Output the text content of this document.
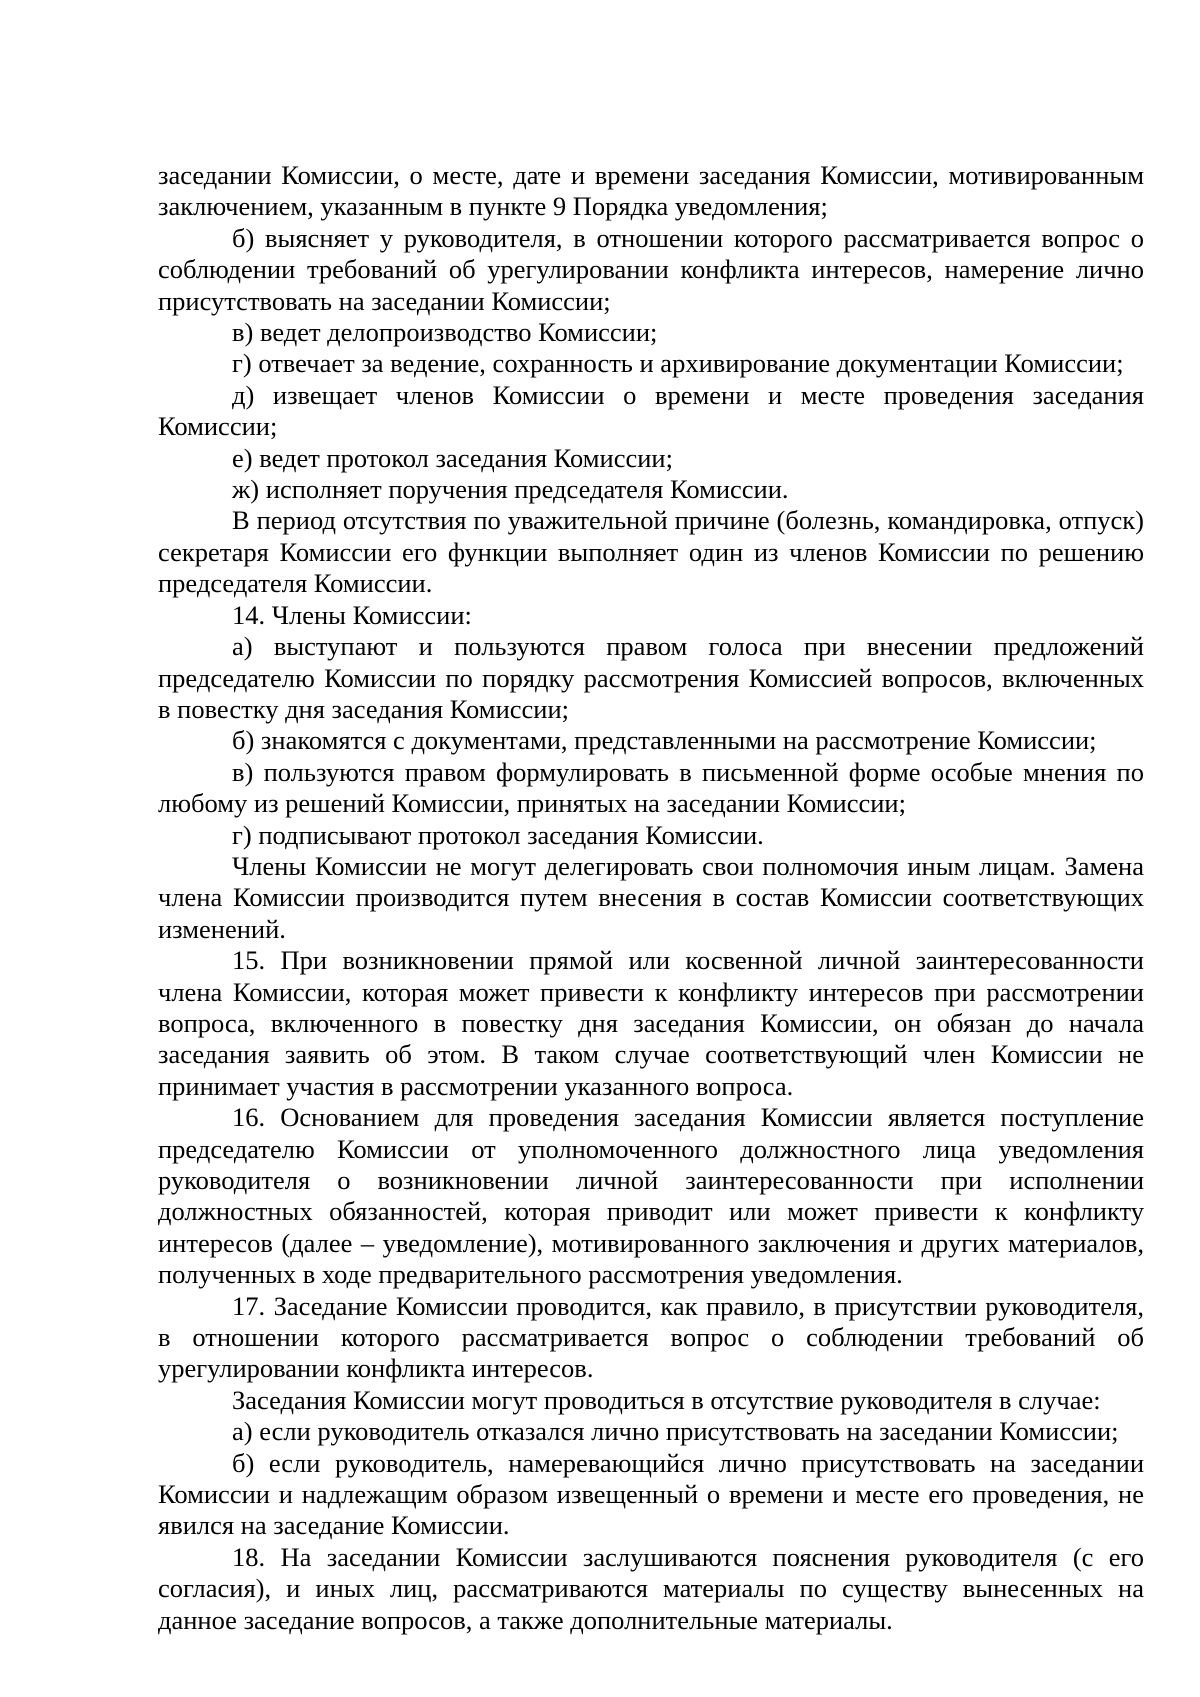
заседании Комиссии, о месте, дате и времени заседания Комиссии, мотивированным заключением, указанным в пункте 9 Порядка уведомления;

б) выясняет у руководителя, в отношении которого рассматривается вопрос о соблюдении требований об урегулировании конфликта интересов, намерение лично присутствовать на заседании Комиссии;

в) ведет делопроизводство Комиссии;

г) отвечает за ведение, сохранность и архивирование документации Комиссии;

д) извещает членов Комиссии о времени и месте проведения заседания Комиссии;

е) ведет протокол заседания Комиссии;

ж) исполняет поручения председателя Комиссии.

В период отсутствия по уважительной причине (болезнь, командировка, отпуск) секретаря Комиссии его функции выполняет один из членов Комиссии по решению председателя Комиссии.

14. Члены Комиссии:

а) выступают и пользуются правом голоса при внесении предложений председателю Комиссии по порядку рассмотрения Комиссией вопросов, включенных в повестку дня заседания Комиссии;

б) знакомятся с документами, представленными на рассмотрение Комиссии;

в) пользуются правом формулировать в письменной форме особые мнения по любому из решений Комиссии, принятых на заседании Комиссии;

г) подписывают протокол заседания Комиссии.

Члены Комиссии не могут делегировать свои полномочия иным лицам. Замена члена Комиссии производится путем внесения в состав Комиссии соответствующих изменений.

15. При возникновении прямой или косвенной личной заинтересованности члена Комиссии, которая может привести к конфликту интересов при рассмотрении вопроса, включенного в повестку дня заседания Комиссии, он обязан до начала заседания заявить об этом. В таком случае соответствующий член Комиссии не принимает участия в рассмотрении указанного вопроса.

16. Основанием для проведения заседания Комиссии является поступление председателю Комиссии от уполномоченного должностного лица уведомления руководителя о возникновении личной заинтересованности при исполнении должностных обязанностей, которая приводит или может привести к конфликту интересов (далее – уведомление), мотивированного заключения и других материалов, полученных в ходе предварительного рассмотрения уведомления.

17. Заседание Комиссии проводится, как правило, в присутствии руководителя, в отношении которого рассматривается вопрос о соблюдении требований об урегулировании конфликта интересов.

Заседания Комиссии могут проводиться в отсутствие руководителя в случае:

а) если руководитель отказался лично присутствовать на заседании Комиссии;

б) если руководитель, намеревающийся лично присутствовать на заседании Комиссии и надлежащим образом извещенный о времени и месте его проведения, не явился на заседание Комиссии.

18. На заседании Комиссии заслушиваются пояснения руководителя (с его согласия), и иных лиц, рассматриваются материалы по существу вынесенных на данное заседание вопросов, а также дополнительные материалы.
